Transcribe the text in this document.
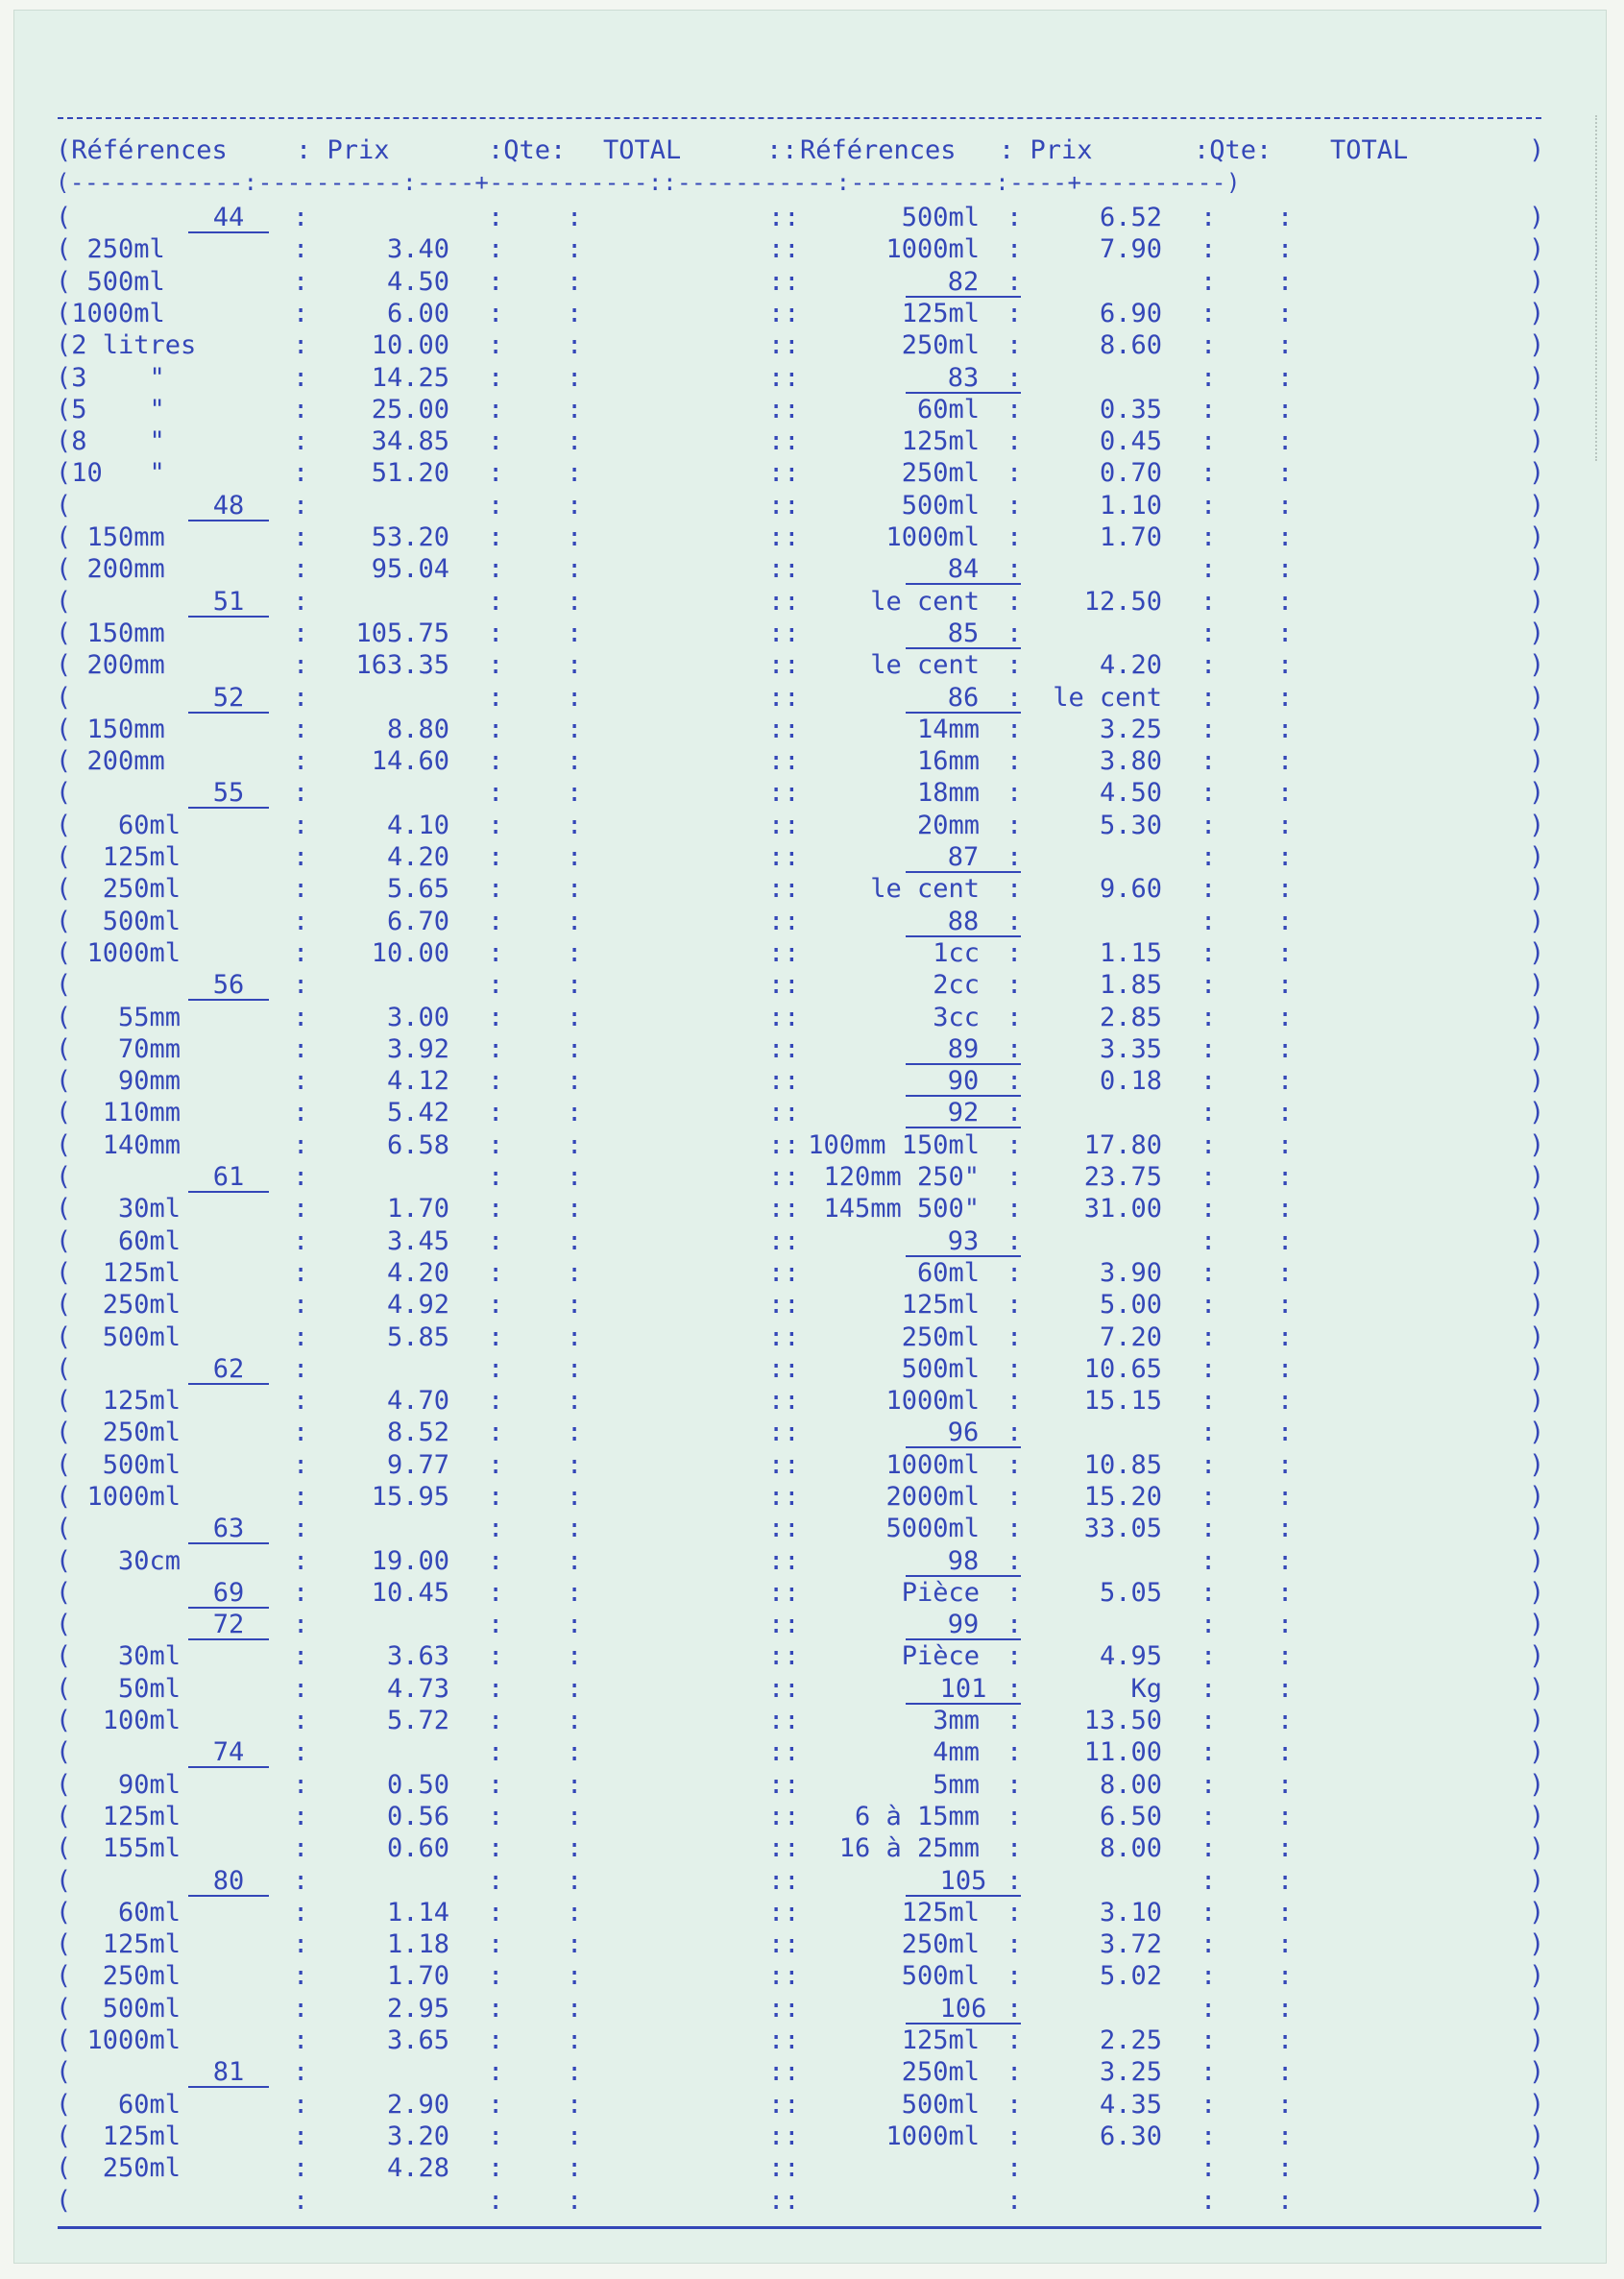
(Références	: Prix	:Qte: TOTAL	:: Références : Prix	:Qte: TOTAL	)
(------------:----------:----+-----------::-----------:----------:----+----------)
(	44	:	: :	::	500ml :	6.52 : :	)
( 250ml	:	3.40 : :	::	1000ml :	7.90 : :	)
( 500ml	:	4.50 : :	::	82	:	: :	)
(1000ml	:	6.00 : :	::	125ml :	6.90 : :	)
(2 litres	:	10.00 : :	::	250ml :	8.60 : :	)
(3    "	:	14.25 : :	::	83	:	: :	)
(5    "	:	25.00 : :	::	60ml :	0.35 : :	)
(8    "	:	34.85 : :	::	125ml :	0.45 : :	)
(10   "	:	51.20 : :	::	250ml :	0.70 : :	)
(	48	:	: :	::	500ml :	1.10 : :	)
( 150mm	:	53.20 : :	::	1000ml :	1.70 : :	)
( 200mm	:	95.04 : :	::	84	:	: :	)
(	51	:	: :	::	le cent :	12.50 : :	)
( 150mm	:	105.75 : :	::	85	:	: :	)
( 200mm	:	163.35 : :	::	le cent :	4.20 : :	)
(	52	:	: :	::	86	:	le cent : :	)
( 150mm	:	8.80 : :	::	14mm :	3.25 : :	)
( 200mm	:	14.60 : :	::	16mm :	3.80 : :	)
(	55	:	: :	::	18mm :	4.50 : :	)
(   60ml	:	4.10 : :	::	20mm :	5.30 : :	)
(  125ml	:	4.20 : :	::	87	:	: :	)
(  250ml	:	5.65 : :	::	le cent :	9.60 : :	)
(  500ml	:	6.70 : :	::	88	:	: :	)
( 1000ml	:	10.00 : :	::	1cc :	1.15 : :	)
(	56	:	: :	::	2cc :	1.85 : :	)
(   55mm	:	3.00 : :	::	3cc :	2.85 : :	)
(   70mm	:	3.92 : :	::	89	:	3.35 : :	)
(   90mm	:	4.12 : :	::	90	:	0.18 : :	)
(  110mm	:	5.42 : :	::	92	:	: :	)
(  140mm	:	6.58 : :	:: 100mm 150ml :	17.80 : :	)
(	61	:	: :	:: 120mm 250" :	23.75 : :	)
(   30ml	:	1.70 : :	:: 145mm 500" :	31.00 : :	)
(   60ml	:	3.45 : :	::	93	:	: :	)
(  125ml	:	4.20 : :	::	60ml :	3.90 : :	)
(  250ml	:	4.92 : :	::	125ml :	5.00 : :	)
(  500ml	:	5.85 : :	::	250ml :	7.20 : :	)
(	62	:	: :	::	500ml :	10.65 : :	)
(  125ml	:	4.70 : :	::	1000ml :	15.15 : :	)
(  250ml	:	8.52 : :	::	96	:	: :	)
(  500ml	:	9.77 : :	::	1000ml :	10.85 : :	)
( 1000ml	:	15.95 : :	::	2000ml :	15.20 : :	)
(	63	:	: :	::	5000ml :	33.05 : :	)
(   30cm	:	19.00 : :	::	98	:	: :	)
(	69	:	10.45 : :	::	Pièce :	5.05 : :	)
(	72	:	: :	::	99	:	: :	)
(   30ml	:	3.63 : :	::	Pièce :	4.95 : :	)
(   50ml	:	4.73 : :	::	101 :	Kg : :	)
(  100ml	:	5.72 : :	::	3mm :	13.50 : :	)
(	74	:	: :	::	4mm :	11.00 : :	)
(   90ml	:	0.50 : :	::	5mm :	8.00 : :	)
(  125ml	:	0.56 : :	::	6 à 15mm :	6.50 : :	)
(  155ml	:	0.60 : :	::	16 à 25mm :	8.00 : :	)
(	80	:	: :	::	105 :	: :	)
(   60ml	:	1.14 : :	::	125ml :	3.10 : :	)
(  125ml	:	1.18 : :	::	250ml :	3.72 : :	)
(  250ml	:	1.70 : :	::	500ml :	5.02 : :	)
(  500ml	:	2.95 : :	::	106 :	: :	)
( 1000ml	:	3.65 : :	::	125ml :	2.25 : :	)
(	81	:	: :	::	250ml :	3.25 : :	)
(   60ml	:	2.90 : :	::	500ml :	4.35 : :	)
(  125ml	:	3.20 : :	::	1000ml :	6.30 : :	)
(  250ml	:	4.28 : :	::	:	: :	)
(	:	: :	::	:	: :	)
